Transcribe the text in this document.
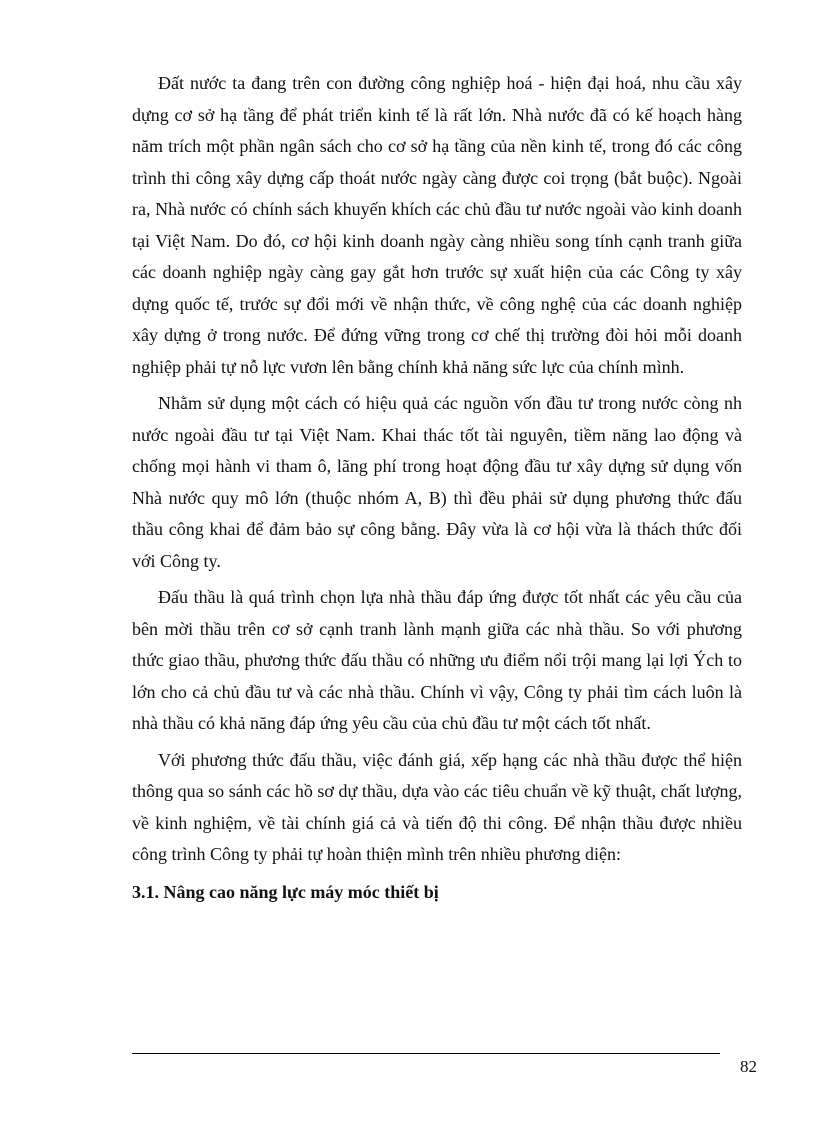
Đất nước ta đang trên con đường công nghiệp hoá - hiện đại hoá, nhu cầu xây dựng cơ sở hạ tầng để phát triển kinh tế là rất lớn. Nhà nước đã có kế hoạch hàng năm trích một phần ngân sách cho cơ sở hạ tầng của nền kinh tế, trong đó các công trình thi công xây dựng cấp thoát nước ngày càng được coi trọng (bắt buộc). Ngoài ra, Nhà nước có chính sách khuyến khích các chủ đầu tư nước ngoài vào kinh doanh tại Việt Nam. Do đó, cơ hội kinh doanh ngày càng nhiều song tính cạnh tranh giữa các doanh nghiệp ngày càng gay gắt hơn trước sự xuất hiện của các Công ty xây dựng quốc tế, trước sự đổi mới về nhận thức, về công nghệ của các doanh nghiệp xây dựng ở trong nước. Để đứng vững trong cơ chế thị trường đòi hỏi mỗi doanh nghiệp phải tự nỗ lực vươn lên bằng chính khả năng sức lực của chính mình.

Nhằm sử dụng một cách có hiệu quả các nguồn vốn đầu tư trong nước còng nh nước ngoài đầu tư tại Việt Nam. Khai thác tốt tài nguyên, tiềm năng lao động và chống mọi hành vi tham ô, lãng phí trong hoạt động đầu tư xây dựng sử dụng vốn Nhà nước quy mô lớn (thuộc nhóm A, B) thì đều phải sử dụng phương thức đấu thầu công khai để đảm bảo sự công bằng. Đây vừa là cơ hội vừa là thách thức đối với Công ty.

Đấu thầu là quá trình chọn lựa nhà thầu đáp ứng được tốt nhất các yêu cầu của bên mời thầu trên cơ sở cạnh tranh lành mạnh giữa các nhà thầu. So với phương thức giao thầu, phương thức đấu thầu có những ưu điểm nổi trội mang lại lợi Ých to lớn cho cả chủ đầu tư và các nhà thầu. Chính vì vậy, Công ty phải tìm cách luôn là nhà thầu có khả năng đáp ứng yêu cầu của chủ đầu tư một cách tốt nhất.

Với phương thức đấu thầu, việc đánh giá, xếp hạng các nhà thầu được thể hiện thông qua so sánh các hồ sơ dự thầu, dựa vào các tiêu chuẩn về kỹ thuật, chất lượng, về kinh nghiệm, về tài chính giá cả và tiến độ thi công. Để nhận thầu được nhiều công trình Công ty phải tự hoàn thiện mình trên nhiều phương diện:

3.1. Nâng cao năng lực máy móc thiết bị

82
